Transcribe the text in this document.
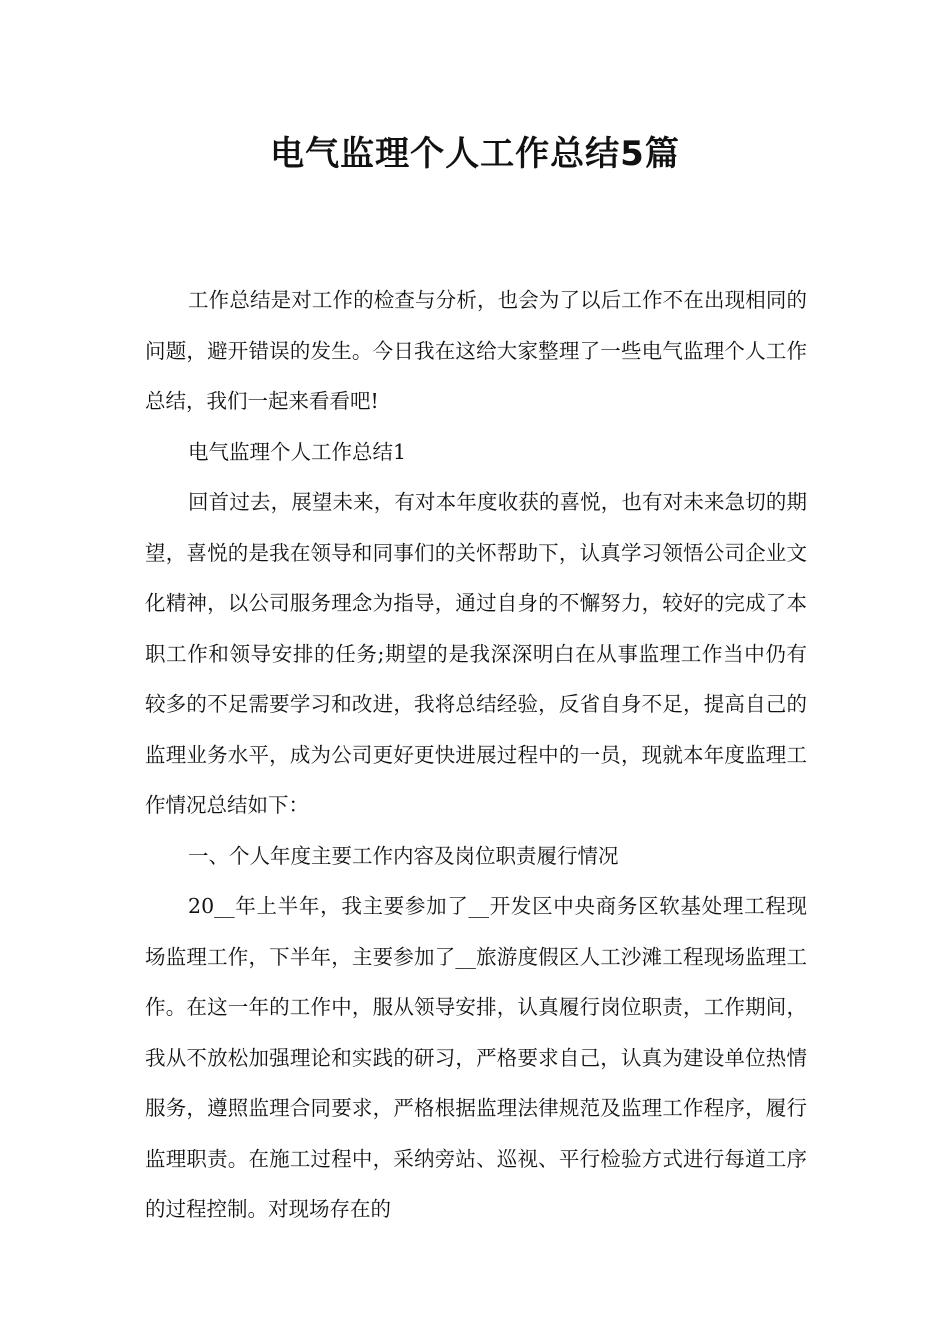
电气监理个人工作总结5篇

工作总结是对工作的检查与分析，也会为了以后工作不在出现相同的问题，避开错误的发生。今日我在这给大家整理了一些电气监理个人工作总结，我们一起来看看吧!

电气监理个人工作总结1

回首过去，展望未来，有对本年度收获的喜悦，也有对未来急切的期望，喜悦的是我在领导和同事们的关怀帮助下，认真学习领悟公司企业文化精神，以公司服务理念为指导，通过自身的不懈努力，较好的完成了本职工作和领导安排的任务;期望的是我深深明白在从事监理工作当中仍有较多的不足需要学习和改进，我将总结经验，反省自身不足，提高自己的监理业务水平，成为公司更好更快进展过程中的一员，现就本年度监理工作情况总结如下：

一、个人年度主要工作内容及岗位职责履行情况

20__年上半年，我主要参加了__开发区中央商务区软基处理工程现场监理工作，下半年，主要参加了__旅游度假区人工沙滩工程现场监理工作。在这一年的工作中，服从领导安排，认真履行岗位职责，工作期间，我从不放松加强理论和实践的研习，严格要求自己，认真为建设单位热情服务，遵照监理合同要求，严格根据监理法律规范及监理工作程序，履行监理职责。在施工过程中，采纳旁站、巡视、平行检验方式进行每道工序的过程控制。对现场存在的
